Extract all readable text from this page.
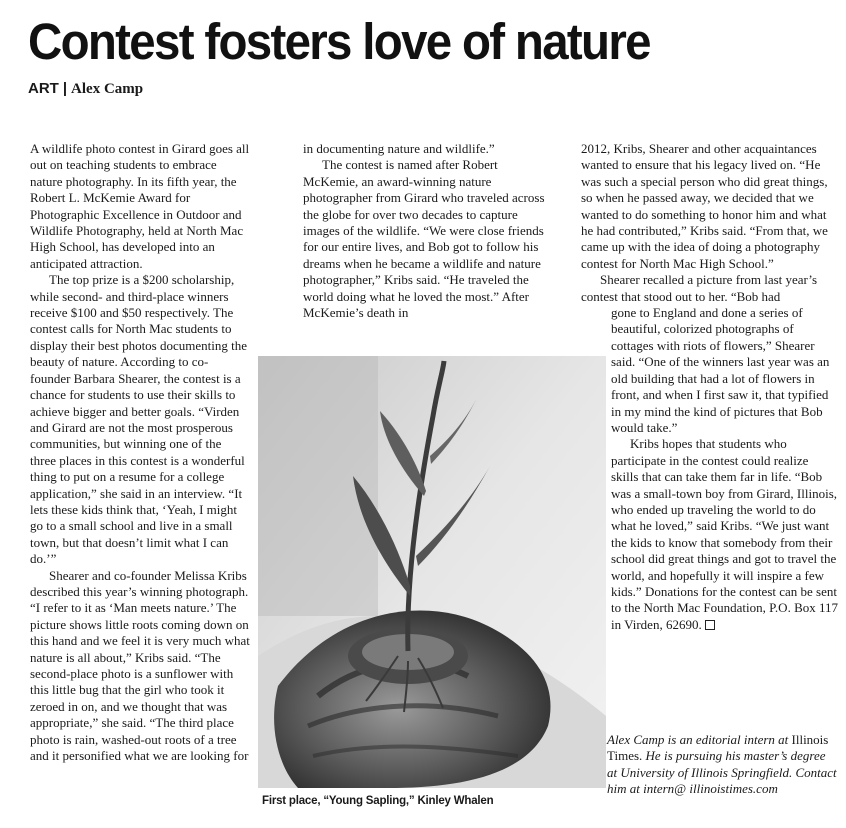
Contest fosters love of nature
ART | Alex Camp

A wildlife photo contest in Girard goes all out on teaching students to embrace nature photography. In its fifth year, the Robert L. McKemie Award for Photographic Excellence in Outdoor and Wildlife Photography, held at North Mac High School, has developed into an anticipated attraction.

The top prize is a $200 scholarship, while second- and third-place winners receive $100 and $50 respectively. The contest calls for North Mac students to display their best photos documenting the beauty of nature. According to co-founder Barbara Shearer, the contest is a chance for students to use their skills to achieve bigger and better goals. “Virden and Girard are not the most prosperous communities, but winning one of the three places in this contest is a wonderful thing to put on a resume for a college application,” she said in an interview. “It lets these kids think that, ‘Yeah, I might go to a small school and live in a small town, but that doesn’t limit what I can do.’”

Shearer and co-founder Melissa Kribs described this year’s winning photograph. “I refer to it as ‘Man meets nature.’ The picture shows little roots coming down on this hand and we feel it is very much what nature is all about,” Kribs said. “The second-place photo is a sunflower with this little bug that the girl who took it zeroed in on, and we thought that was appropriate,” she said. “The third place photo is rain, washed-out roots of a tree and it personified what we are looking for

in documenting nature and wildlife.”

The contest is named after Robert McKemie, an award-winning nature photographer from Girard who traveled across the globe for over two decades to capture images of the wildlife. “We were close friends for our entire lives, and Bob got to follow his dreams when he became a wildlife and nature photographer,” Kribs said. “He traveled the world doing what he loved the most.” After McKemie’s death in

2012, Kribs, Shearer and other acquaintances wanted to ensure that his legacy lived on. “He was such a special person who did great things, so when he passed away, we decided that we wanted to do something to honor him and what he had contributed,” Kribs said. “From that, we came up with the idea of doing a photography contest for North Mac High School.”

Shearer recalled a picture from last year’s contest that stood out to her. “Bob had

gone to England and done a series of beautiful, colorized photographs of cottages with riots of flowers,” Shearer said. “One of the winners last year was an old building that had a lot of flowers in front, and when I first saw it, that typified in my mind the kind of pictures that Bob would take.”

Kribs hopes that students who participate in the contest could realize skills that can take them far in life. “Bob was a small-town boy from Girard, Illinois, who ended up traveling the world to do what he loved,” said Kribs. “We just want the kids to know that somebody from their school did great things and got to travel the world, and hopefully it will inspire a few kids.” Donations for the contest can be sent to the North Mac Foundation, P.O. Box 117 in Virden, 62690.

First place, “Young Sapling,” Kinley Whalen
Alex Camp is an editorial intern at Illinois Times. He is pursuing his master’s degree at University of Illinois Springfield. Contact him at intern@ illinoistimes.com
